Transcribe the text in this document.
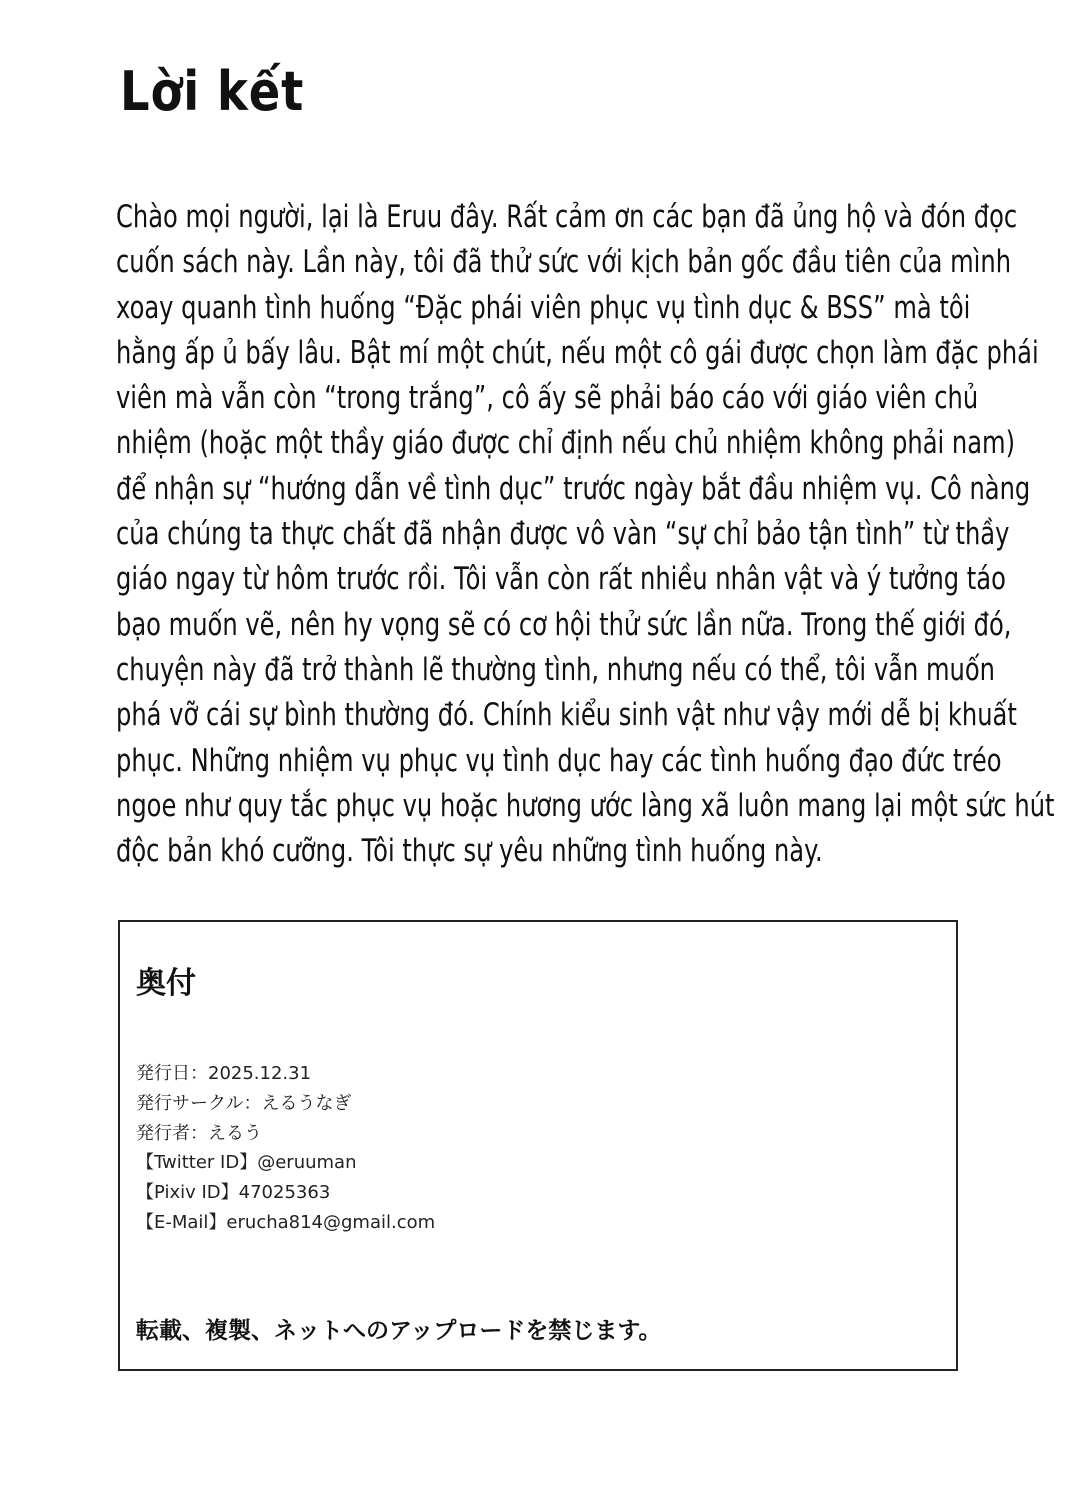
Lời kết
Chào mọi người, lại là Eruu đây. Rất cảm ơn các bạn đã ủng hộ và đón đọc
cuốn sách này. Lần này, tôi đã thử sức với kịch bản gốc đầu tiên của mình
xoay quanh tình huống “Đặc phái viên phục vụ tình dục & BSS” mà tôi
hằng ấp ủ bấy lâu. Bật mí một chút, nếu một cô gái được chọn làm đặc phái
viên mà vẫn còn “trong trắng”, cô ấy sẽ phải báo cáo với giáo viên chủ
nhiệm (hoặc một thầy giáo được chỉ định nếu chủ nhiệm không phải nam)
để nhận sự “hướng dẫn về tình dục” trước ngày bắt đầu nhiệm vụ. Cô nàng
của chúng ta thực chất đã nhận được vô vàn “sự chỉ bảo tận tình” từ thầy
giáo ngay từ hôm trước rồi. Tôi vẫn còn rất nhiều nhân vật và ý tưởng táo
bạo muốn vẽ, nên hy vọng sẽ có cơ hội thử sức lần nữa. Trong thế giới đó,
chuyện này đã trở thành lẽ thường tình, nhưng nếu có thể, tôi vẫn muốn
phá vỡ cái sự bình thường đó. Chính kiểu sinh vật như vậy mới dễ bị khuất
phục. Những nhiệm vụ phục vụ tình dục hay các tình huống đạo đức tréo
ngoe như quy tắc phục vụ hoặc hương ước làng xã luôn mang lại một sức hút
độc bản khó cưỡng. Tôi thực sự yêu những tình huống này.
奥付
発行日：2025.12.31
発行サークル：えるうなぎ
発行者：えるう
【Twitter ID】@eruuman
【Pixiv ID】47025363
【E-Mail】erucha814@gmail.com
転載、複製、ネットへのアップロードを禁じます。
